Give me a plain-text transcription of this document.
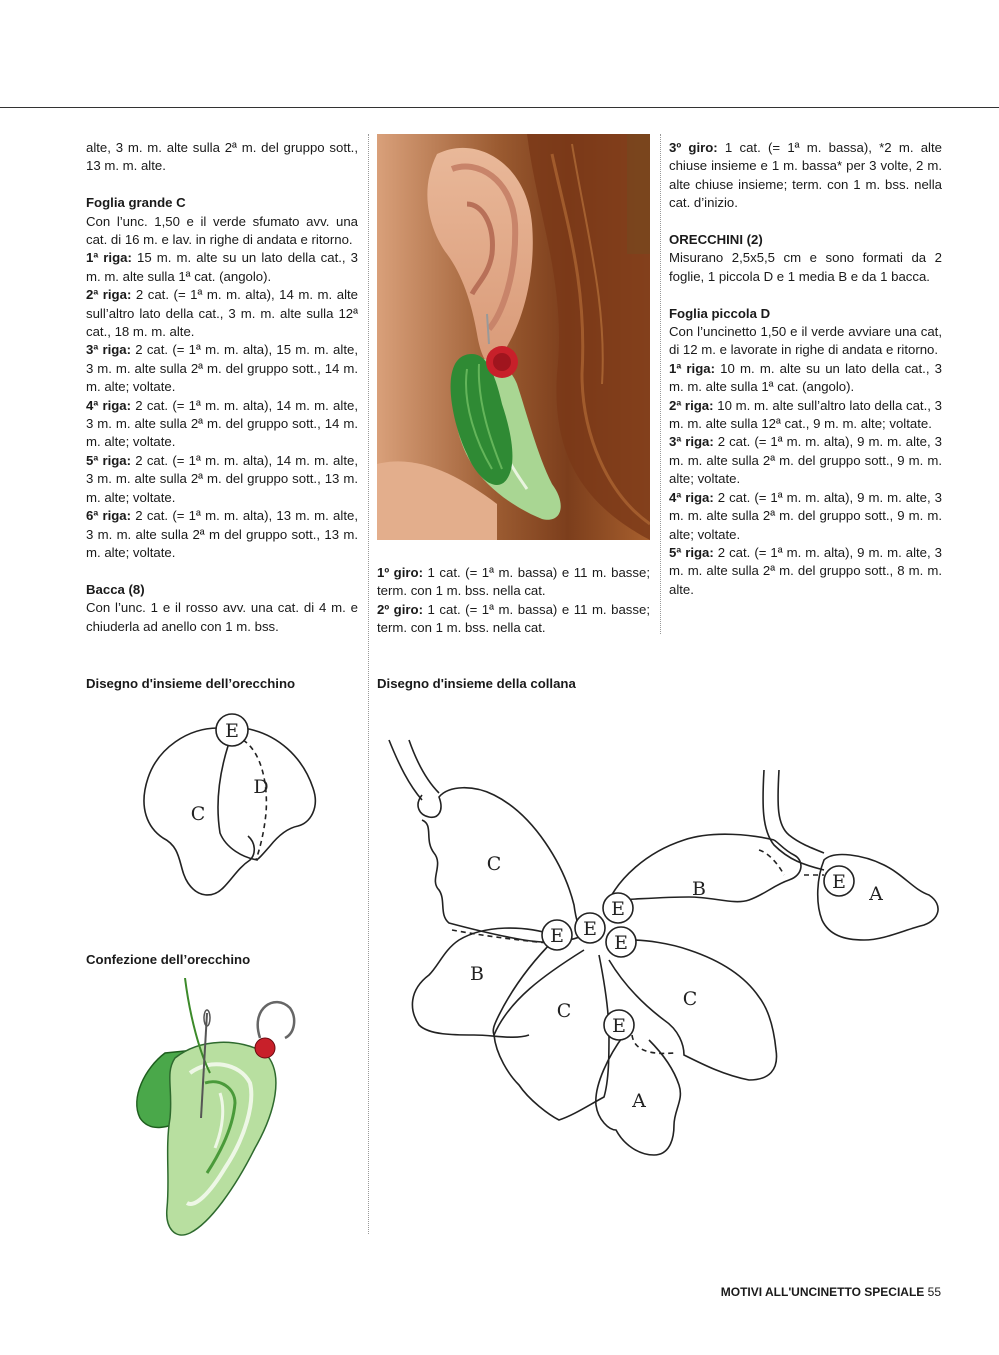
alte, 3 m. m. alte sulla 2ª m. del gruppo sott., 13 m. m. alte.

Foglia grande C

Con l’unc. 1,50 e il verde sfumato avv. una cat. di 16 m. e lav. in righe di andata e ritorno.

1ª riga: 15 m. m. alte su un lato della cat., 3 m. m. alte sulla 1ª cat. (angolo).

2ª riga: 2 cat. (= 1ª m. m. alta), 14 m. m. alte sull’altro lato della cat., 3 m. m. alte sulla 12ª cat., 18 m. m. alte.

3ª riga: 2 cat. (= 1ª m. m. alta), 15 m. m. alte, 3 m. m. alte sulla 2ª m. del gruppo sott., 14 m. m. alte; voltate.

4ª riga: 2 cat. (= 1ª m. m. alta), 14 m. m. alte, 3 m. m. alte sulla 2ª m. del gruppo sott., 14 m. m. alte; voltate.

5ª riga: 2 cat. (= 1ª m. m. alta), 14 m. m. alte, 3 m. m. alte sulla 2ª m. del gruppo sott., 13 m. m. alte; voltate.

6ª riga: 2 cat. (= 1ª m. m. alta), 13 m. m. alte, 3 m. m. alte sulla 2ª m del gruppo sott., 13 m. m. alte; voltate.

Bacca (8)

Con l’unc. 1 e il rosso avv. una cat. di 4 m. e chiuderla ad anello con 1 m. bss.

1º giro: 1 cat. (= 1ª m. bassa) e 11 m. basse; term. con 1 m. bss. nella cat.

2º giro: 1 cat. (= 1ª m. bassa) e 11 m. basse; term. con 1 m. bss. nella cat.

3º giro: 1 cat. (= 1ª m. bassa), *2 m. alte chiuse insieme e 1 m. bassa* per 3 volte, 2 m. alte chiuse insieme; term. con 1 m. bss. nella cat. d’inizio.

ORECCHINI (2)

Misurano 2,5x5,5 cm e sono formati da 2 foglie, 1 piccola D e 1 media B e da 1 bacca.

Foglia piccola D

Con l’uncinetto 1,50 e il verde avviare una cat, di 12 m. e lavorate in righe di andata e ritorno.

1ª riga: 10 m. m. alte su un lato della cat., 3 m. m. alte sulla 1ª cat. (angolo).

2ª riga: 10 m. m. alte sull’altro lato della cat., 3 m. m. alte sulla 12ª cat., 9 m. m. alte; voltate.

3ª riga: 2 cat. (= 1ª m. m. alta), 9 m. m. alte, 3 m. m. alte sulla 2ª m. del gruppo sott., 9 m. m. alte; voltate.

4ª riga: 2 cat. (= 1ª m. m. alta), 9 m. m. alte, 3 m. m. alte sulla 2ª m. del gruppo sott., 9 m. m. alte; voltate.

5ª riga: 2 cat. (= 1ª m. m. alta), 9 m. m. alte, 3 m. m. alte sulla 2ª m. del gruppo sott., 8 m. m. alte.

Disegno d'insieme dell’orecchino	Disegno d'insieme della collana
Confezione dell’orecchino
E
D
C
C
B	E
A
E
E
E	E
B
C
C
E
A
MOTIVI ALL'UNCINETTO SPECIALE 55
